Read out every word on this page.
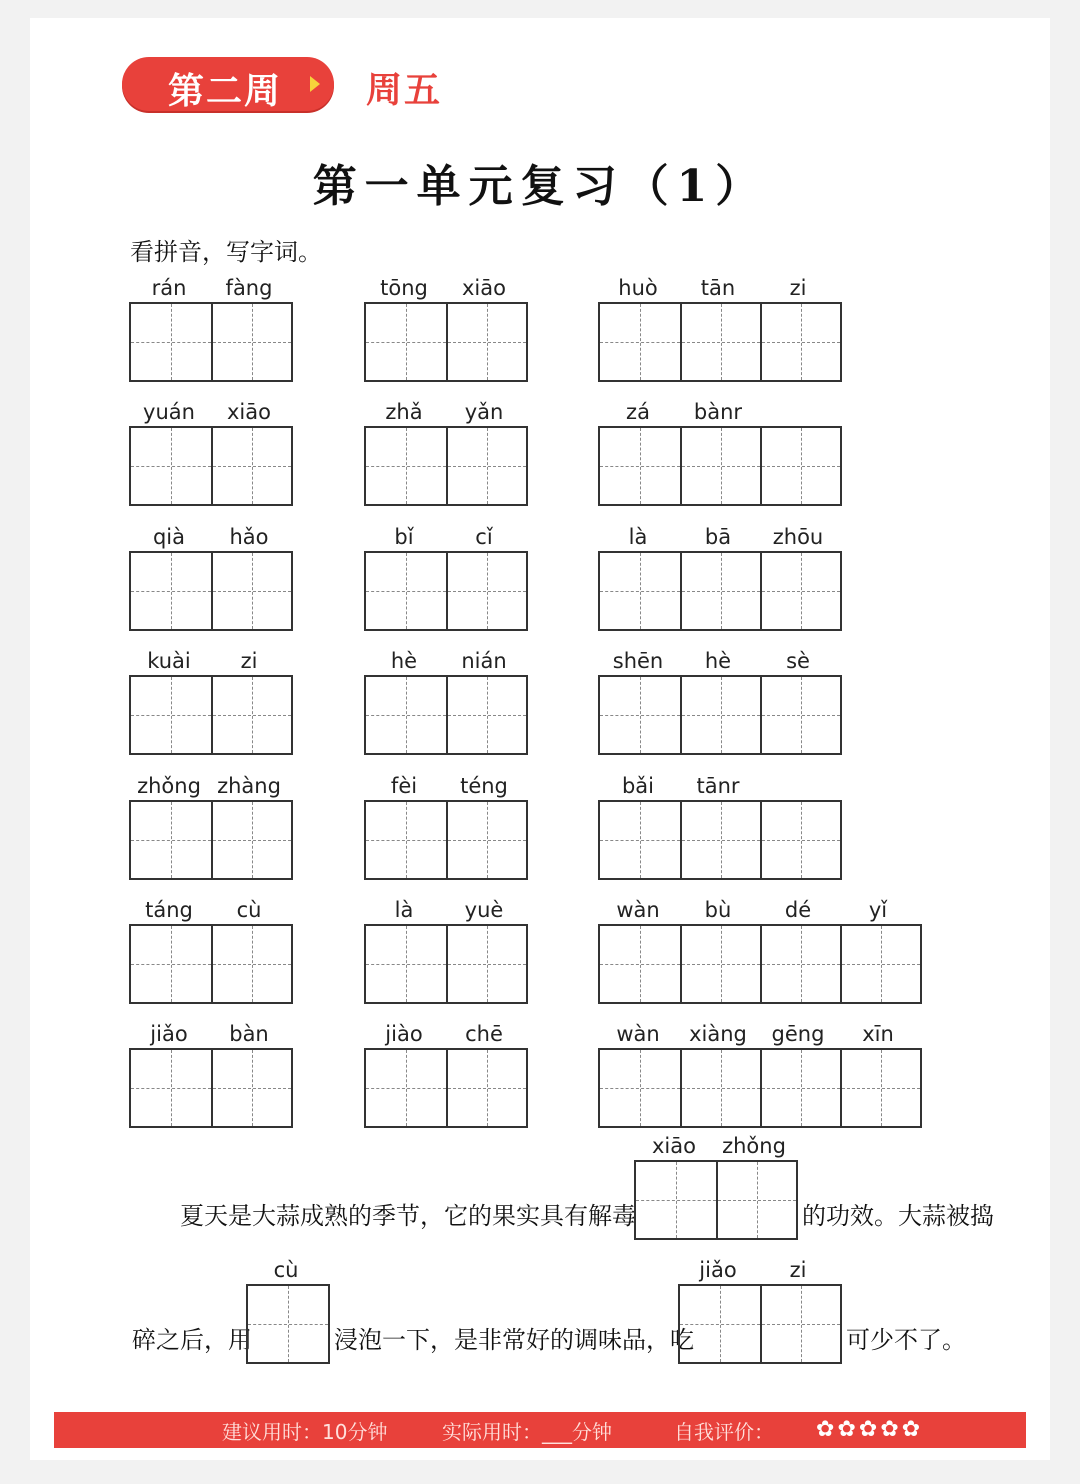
第二周 周五
第一单元复习（1）
看拼音，写字词。
rán	fàng	tōng	xiāo	huò	tān	zi
yuán	xiāo	zhǎ	yǎn	zá	bànr
qià	hǎo	bǐ	cǐ	là	bā	zhōu
kuài	zi	hè	nián	shēn	hè	sè
zhǒng zhàng	fèi	téng	bǎi	tānr
táng	cù	là	yuè	wàn	bù	dé	yǐ
jiǎo	bàn	jiào	chē	wàn	xiàng	gēng	xīn
夏天是大蒜成熟的季节，它的果实具有解毒
xiāo	zhǒng
的功效。大蒜被捣
碎之后，用
cù
浸泡一下，是非常好的调味品，吃
jiǎo	zi
可少不了。
建议用时：10分钟	实际用时：___分钟	自我评价： ✿ ✿ ✿ ✿ ✿
